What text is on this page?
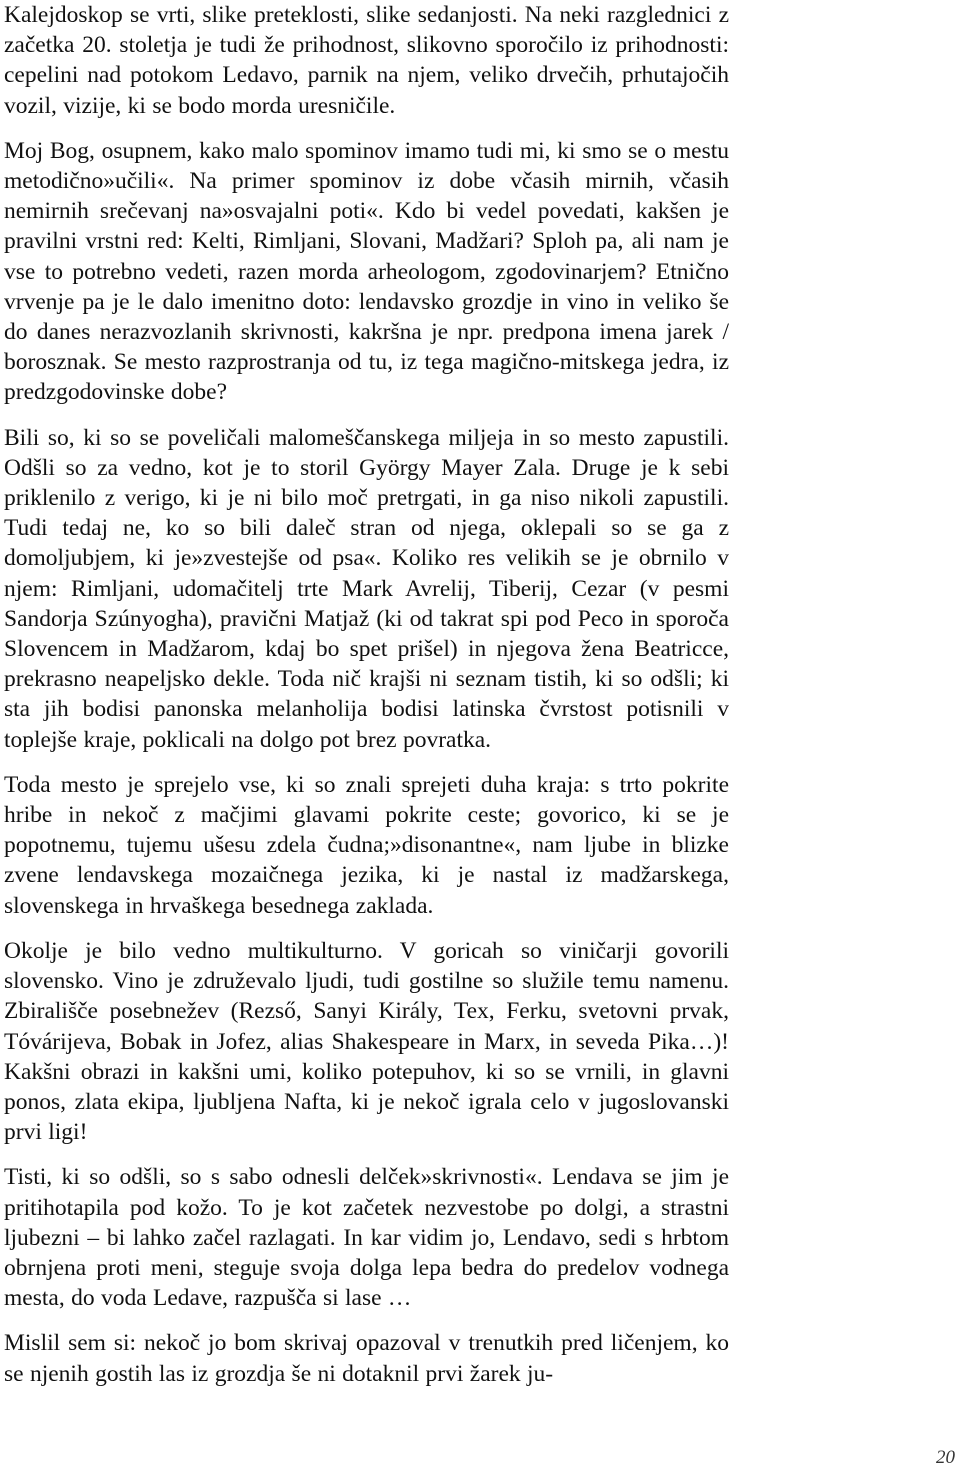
Kalejdoskop se vrti, slike preteklosti, slike sedanjosti. Na neki razglednici z začetka 20. stoletja je tudi že prihodnost, slikovno sporočilo iz prihodnosti: cepelini nad potokom Ledavo, parnik na njem, veliko drvečih, prhutajočih vozil, vizije, ki se bodo morda uresničile.

Moj Bog, osupnem, kako malo spominov imamo tudi mi, ki smo se o mestu metodično»učili«. Na primer spominov iz dobe včasih mirnih, včasih nemirnih srečevanj na»osvajalni poti«. Kdo bi vedel povedati, kakšen je pravilni vrstni red: Kelti, Rimljani, Slovani, Madžari? Sploh pa, ali nam je vse to potrebno vedeti, razen morda arheologom, zgodovinarjem? Etnično vrvenje pa je le dalo imenitno doto: lendavsko grozdje in vino in veliko še do danes nerazvozlanih skrivnosti, kakršna je npr. predpona imena jarek / borosznak. Se mesto razprostranja od tu, iz tega magično-mitskega jedra, iz predzgodovinske dobe?

Bili so, ki so se poveličali malomeščanskega miljeja in so mesto zapustili. Odšli so za vedno, kot je to storil György Mayer Zala. Druge je k sebi priklenilo z verigo, ki je ni bilo moč pretrgati, in ga niso nikoli zapustili. Tudi tedaj ne, ko so bili daleč stran od njega, oklepali so se ga z domoljubjem, ki je»zvestejše od psa«. Koliko res velikih se je obrnilo v njem: Rimljani, udomačitelj trte Mark Avrelij, Tiberij, Cezar (v pesmi Sandorja Szúnyogha), pravični Matjaž (ki od takrat spi pod Peco in sporoča Slovencem in Madžarom, kdaj bo spet prišel) in njegova žena Beatricce, prekrasno neapeljsko dekle. Toda nič krajši ni seznam tistih, ki so odšli; ki sta jih bodisi panonska melanholija bodisi latinska čvrstost potisnili v toplejše kraje, poklicali na dolgo pot brez povratka.

Toda mesto je sprejelo vse, ki so znali sprejeti duha kraja: s trto pokrite hribe in nekoč z mačjimi glavami pokrite ceste; govorico, ki se je popotnemu, tujemu ušesu zdela čudna;»disonantne«, nam ljube in blizke zvene lendavskega mozaičnega jezika, ki je nastal iz madžarskega, slovenskega in hrvaškega besednega zaklada.

Okolje je bilo vedno multikulturno. V goricah so viničarji govorili slovensko. Vino je združevalo ljudi, tudi gostilne so služile temu namenu. Zbirališče posebnežev (Rezső, Sanyi Király, Tex, Ferku, svetovni prvak, Tóvárijeva, Bobak in Jofez, alias Shakespeare in Marx, in seveda Pika…)! Kakšni obrazi in kakšni umi, koliko potepuhov, ki so se vrnili, in glavni ponos, zlata ekipa, ljubljena Nafta, ki je nekoč igrala celo v jugoslovanski prvi ligi!

Tisti, ki so odšli, so s sabo odnesli delček»skrivnosti«. Lendava se jim je pritihotapila pod kožo. To je kot začetek nezvestobe po dolgi, a strastni ljubezni – bi lahko začel razlagati. In kar vidim jo, Lendavo, sedi s hrbtom obrnjena proti meni, steguje svoja dolga lepa bedra do predelov vodnega mesta, do voda Ledave, razpušča si lase …

Mislil sem si: nekoč jo bom skrivaj opazoval v trenutkih pred ličenjem, ko se njenih gostih las iz grozdja še ni dotaknil prvi žarek ju-

20
